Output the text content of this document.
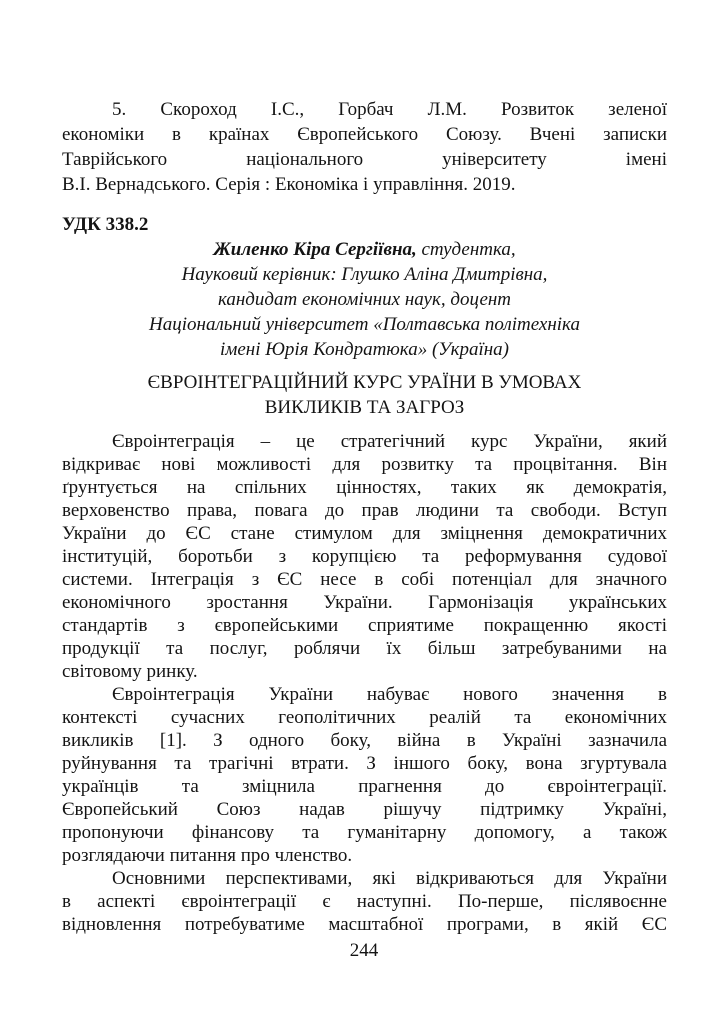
5. Скороход І.С., Горбач Л.М. Розвиток зеленої
економіки в країнах Європейського Союзу. Вчені записки
Таврійського національного університету імені
В.І. Вернадського. Серія : Економіка і управління. 2019.
УДК 338.2
Жиленко Кіра Сергіївна, студентка,
Науковий керівник: Глушко Аліна Дмитрівна,
кандидат економічних наук, доцент
Національний університет «Полтавська політехніка
імені Юрія Кондратюка» (Україна)
ЄВРОІНТЕГРАЦІЙНИЙ КУРС УРАЇНИ В УМОВАХ
ВИКЛИКІВ ТА ЗАГРОЗ
Євроінтеграція – це стратегічний курс України, який
відкриває нові можливості для розвитку та процвітання. Він
ґрунтується на спільних цінностях, таких як демократія,
верховенство права, повага до прав людини та свободи. Вступ
України до ЄС стане стимулом для зміцнення демократичних
інституцій, боротьби з корупцією та реформування судової
системи. Інтеграція з ЄС несе в собі потенціал для значного
економічного зростання України. Гармонізація українських
стандартів з європейськими сприятиме покращенню якості
продукції та послуг, роблячи їх більш затребуваними на
світовому ринку.
Євроінтеграція України набуває нового значення в
контексті сучасних геополітичних реалій та економічних
викликів [1]. З одного боку, війна в Україні зазначила
руйнування та трагічні втрати. З іншого боку, вона згуртувала
українців та зміцнила прагнення до євроінтеграції.
Європейський Союз надав рішучу підтримку Україні,
пропонуючи фінансову та гуманітарну допомогу, а також
розглядаючи питання про членство.
Основними перспективами, які відкриваються для України
в аспекті євроінтеграції є наступні. По-перше, післявоєнне
відновлення потребуватиме масштабної програми, в якій ЄС
244
